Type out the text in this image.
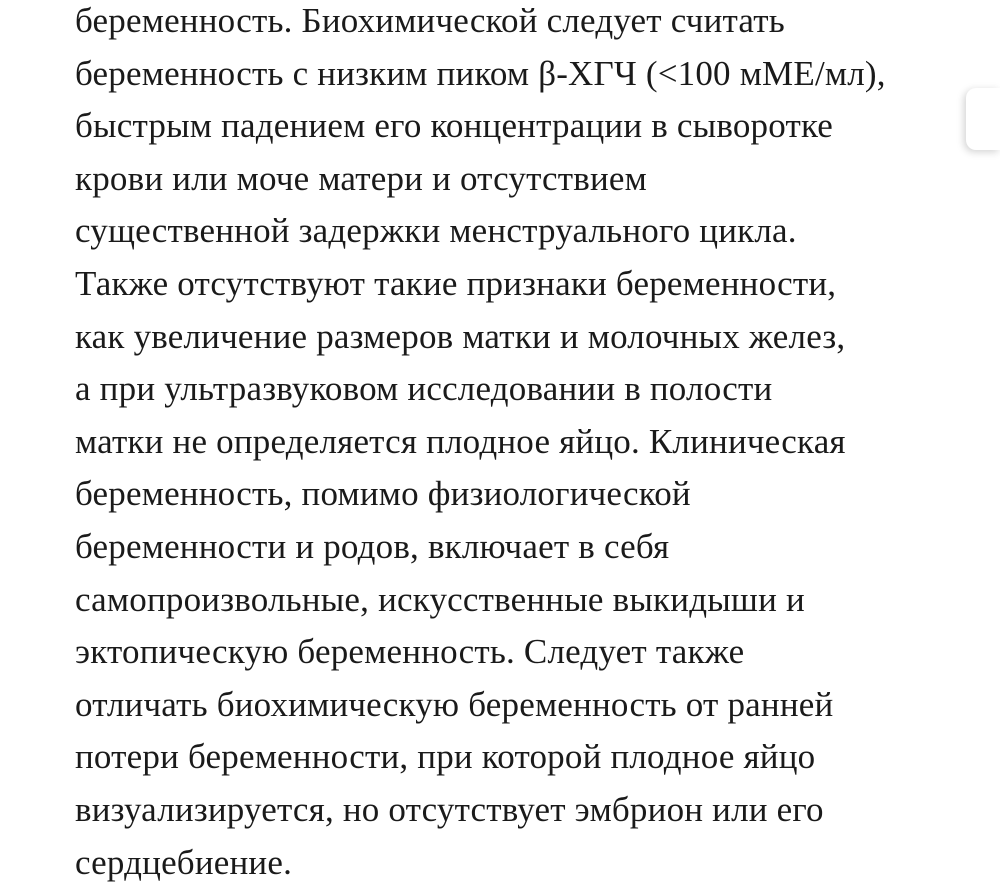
беременность. Биохимической следует считать
беременность с низким пиком β-ХГЧ (<100 мМЕ/мл),
быстрым падением его концентрации в сыворотке
крови или моче матери и отсутствием
существенной задержки менструального цикла.
Также отсутствуют такие признаки беременности,
как увеличение размеров матки и молочных желез,
а при ультразвуковом исследовании в полости
матки не определяется плодное яйцо. Клиническая
беременность, помимо физиологической
беременности и родов, включает в себя
самопроизвольные, искусственные выкидыши и
эктопическую беременность. Следует также
отличать биохимическую беременность от ранней
потери беременности, при которой плодное яйцо
визуализируется, но отсутствует эмбрион или его
сердцебиение.
